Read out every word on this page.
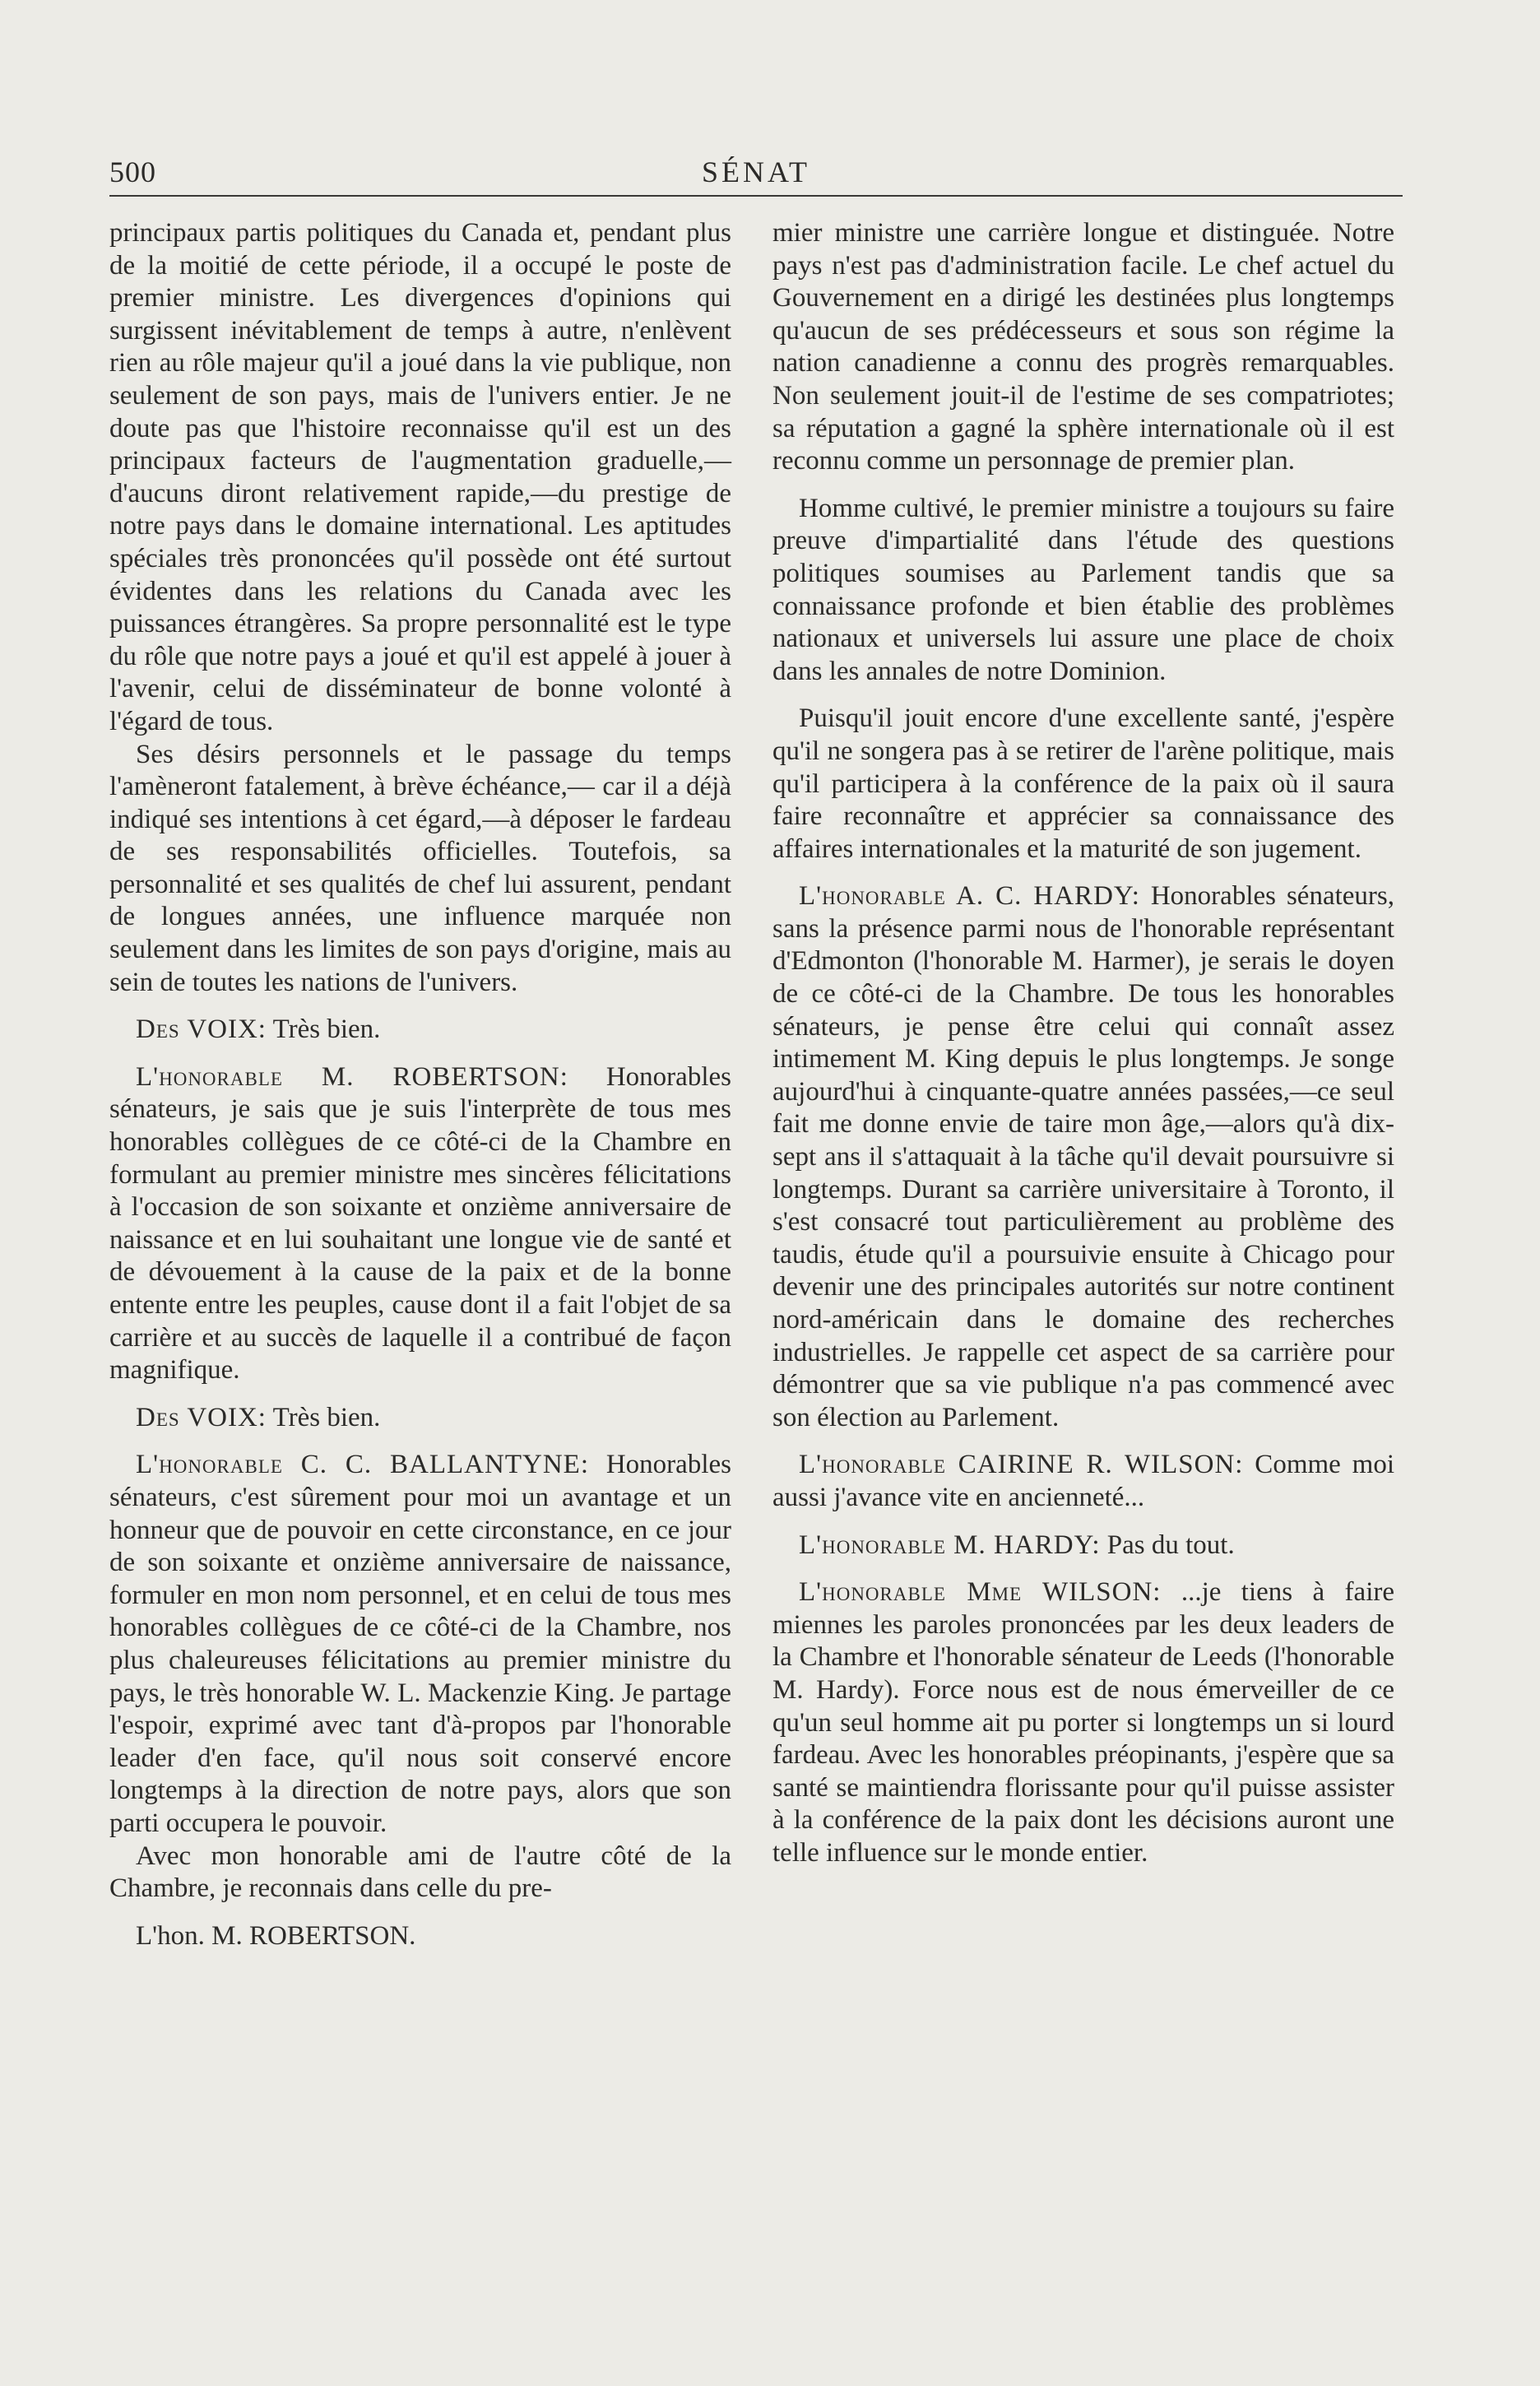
500	SÉNAT

principaux partis politiques du Canada et, pendant plus de la moitié de cette période, il a occupé le poste de premier ministre. Les divergences d'opinions qui surgissent inévitablement de temps à autre, n'enlèvent rien au rôle majeur qu'il a joué dans la vie publique, non seulement de son pays, mais de l'univers entier. Je ne doute pas que l'histoire reconnaisse qu'il est un des principaux facteurs de l'augmentation graduelle,—d'aucuns diront relativement rapide,—du prestige de notre pays dans le domaine international. Les aptitudes spéciales très prononcées qu'il possède ont été surtout évidentes dans les relations du Canada avec les puissances étrangères. Sa propre personnalité est le type du rôle que notre pays a joué et qu'il est appelé à jouer à l'avenir, celui de disséminateur de bonne volonté à l'égard de tous.

Ses désirs personnels et le passage du temps l'amèneront fatalement, à brève échéance,— car il a déjà indiqué ses intentions à cet égard,—à déposer le fardeau de ses responsabilités officielles. Toutefois, sa personnalité et ses qualités de chef lui assurent, pendant de longues années, une influence marquée non seulement dans les limites de son pays d'origine, mais au sein de toutes les nations de l'univers.

Des VOIX: Très bien.

L'honorable M. ROBERTSON: Honorables sénateurs, je sais que je suis l'interprète de tous mes honorables collègues de ce côté-ci de la Chambre en formulant au premier ministre mes sincères félicitations à l'occasion de son soixante et onzième anniversaire de naissance et en lui souhaitant une longue vie de santé et de dévouement à la cause de la paix et de la bonne entente entre les peuples, cause dont il a fait l'objet de sa carrière et au succès de laquelle il a contribué de façon magnifique.

Des VOIX: Très bien.

L'honorable C. C. BALLANTYNE: Honorables sénateurs, c'est sûrement pour moi un avantage et un honneur que de pouvoir en cette circonstance, en ce jour de son soixante et onzième anniversaire de naissance, formuler en mon nom personnel, et en celui de tous mes honorables collègues de ce côté-ci de la Chambre, nos plus chaleureuses félicitations au premier ministre du pays, le très honorable W. L. Mackenzie King. Je partage l'espoir, exprimé avec tant d'à-propos par l'honorable leader d'en face, qu'il nous soit conservé encore longtemps à la direction de notre pays, alors que son parti occupera le pouvoir.

Avec mon honorable ami de l'autre côté de la Chambre, je reconnais dans celle du pre-

L'hon. M. ROBERTSON.

mier ministre une carrière longue et distinguée. Notre pays n'est pas d'administration facile. Le chef actuel du Gouvernement en a dirigé les destinées plus longtemps qu'aucun de ses prédécesseurs et sous son régime la nation canadienne a connu des progrès remarquables. Non seulement jouit-il de l'estime de ses compatriotes; sa réputation a gagné la sphère internationale où il est reconnu comme un personnage de premier plan.

Homme cultivé, le premier ministre a toujours su faire preuve d'impartialité dans l'étude des questions politiques soumises au Parlement tandis que sa connaissance profonde et bien établie des problèmes nationaux et universels lui assure une place de choix dans les annales de notre Dominion.

Puisqu'il jouit encore d'une excellente santé, j'espère qu'il ne songera pas à se retirer de l'arène politique, mais qu'il participera à la conférence de la paix où il saura faire reconnaître et apprécier sa connaissance des affaires internationales et la maturité de son jugement.

L'honorable A. C. HARDY: Honorables sénateurs, sans la présence parmi nous de l'honorable représentant d'Edmonton (l'honorable M. Harmer), je serais le doyen de ce côté-ci de la Chambre. De tous les honorables sénateurs, je pense être celui qui connaît assez intimement M. King depuis le plus longtemps. Je songe aujourd'hui à cinquante-quatre années passées,—ce seul fait me donne envie de taire mon âge,—alors qu'à dix-sept ans il s'attaquait à la tâche qu'il devait poursuivre si longtemps. Durant sa carrière universitaire à Toronto, il s'est consacré tout particulièrement au problème des taudis, étude qu'il a poursuivie ensuite à Chicago pour devenir une des principales autorités sur notre continent nord-américain dans le domaine des recherches industrielles. Je rappelle cet aspect de sa carrière pour démontrer que sa vie publique n'a pas commencé avec son élection au Parlement.

L'honorable CAIRINE R. WILSON: Comme moi aussi j'avance vite en ancienneté...

L'honorable M. HARDY: Pas du tout.

L'honorable Mme WILSON: ...je tiens à faire miennes les paroles prononcées par les deux leaders de la Chambre et l'honorable sénateur de Leeds (l'honorable M. Hardy). Force nous est de nous émerveiller de ce qu'un seul homme ait pu porter si longtemps un si lourd fardeau. Avec les honorables préopinants, j'espère que sa santé se maintiendra florissante pour qu'il puisse assister à la conférence de la paix dont les décisions auront une telle influence sur le monde entier.
